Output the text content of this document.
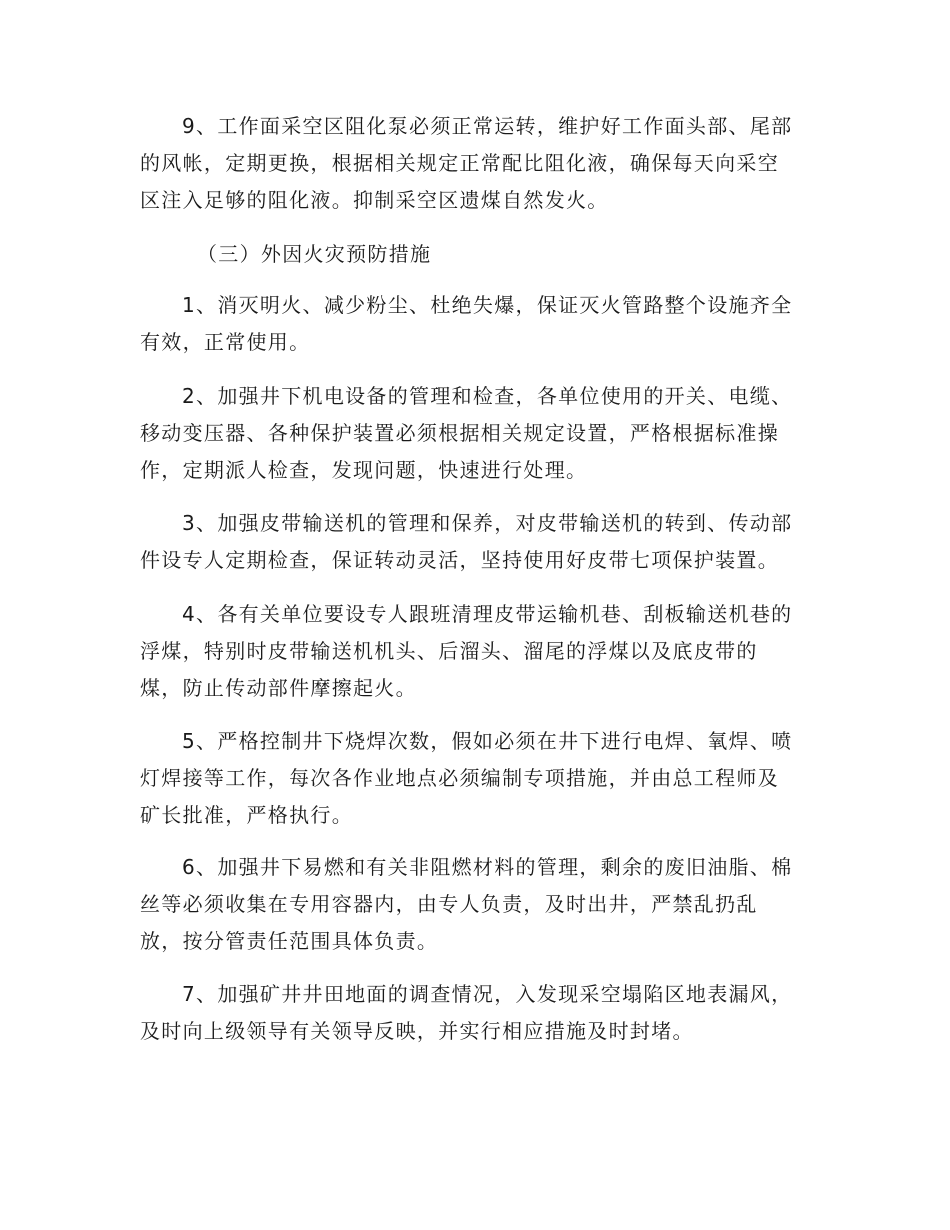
9、工作面采空区阻化泵必须正常运转，维护好工作面头部、尾部
的风帐，定期更换，根据相关规定正常配比阻化液，确保每天向采空
区注入足够的阻化液。抑制采空区遗煤自然发火。

（三）外因火灾预防措施

1、消灭明火、减少粉尘、杜绝失爆，保证灭火管路整个设施齐全
有效，正常使用。

2、加强井下机电设备的管理和检查，各单位使用的开关、电缆、
移动变压器、各种保护装置必须根据相关规定设置，严格根据标准操
作，定期派人检查，发现问题，快速进行处理。

3、加强皮带输送机的管理和保养，对皮带输送机的转到、传动部
件设专人定期检查，保证转动灵活，坚持使用好皮带七项保护装置。

4、各有关单位要设专人跟班清理皮带运输机巷、刮板输送机巷的
浮煤，特别时皮带输送机机头、后溜头、溜尾的浮煤以及底皮带的
煤，防止传动部件摩擦起火。

5、严格控制井下烧焊次数，假如必须在井下进行电焊、氧焊、喷
灯焊接等工作，每次各作业地点必须编制专项措施，并由总工程师及
矿长批准，严格执行。

6、加强井下易燃和有关非阻燃材料的管理，剩余的废旧油脂、棉
丝等必须收集在专用容器内，由专人负责，及时出井，严禁乱扔乱
放，按分管责任范围具体负责。

7、加强矿井井田地面的调查情况，入发现采空塌陷区地表漏风，
及时向上级领导有关领导反映，并实行相应措施及时封堵。
